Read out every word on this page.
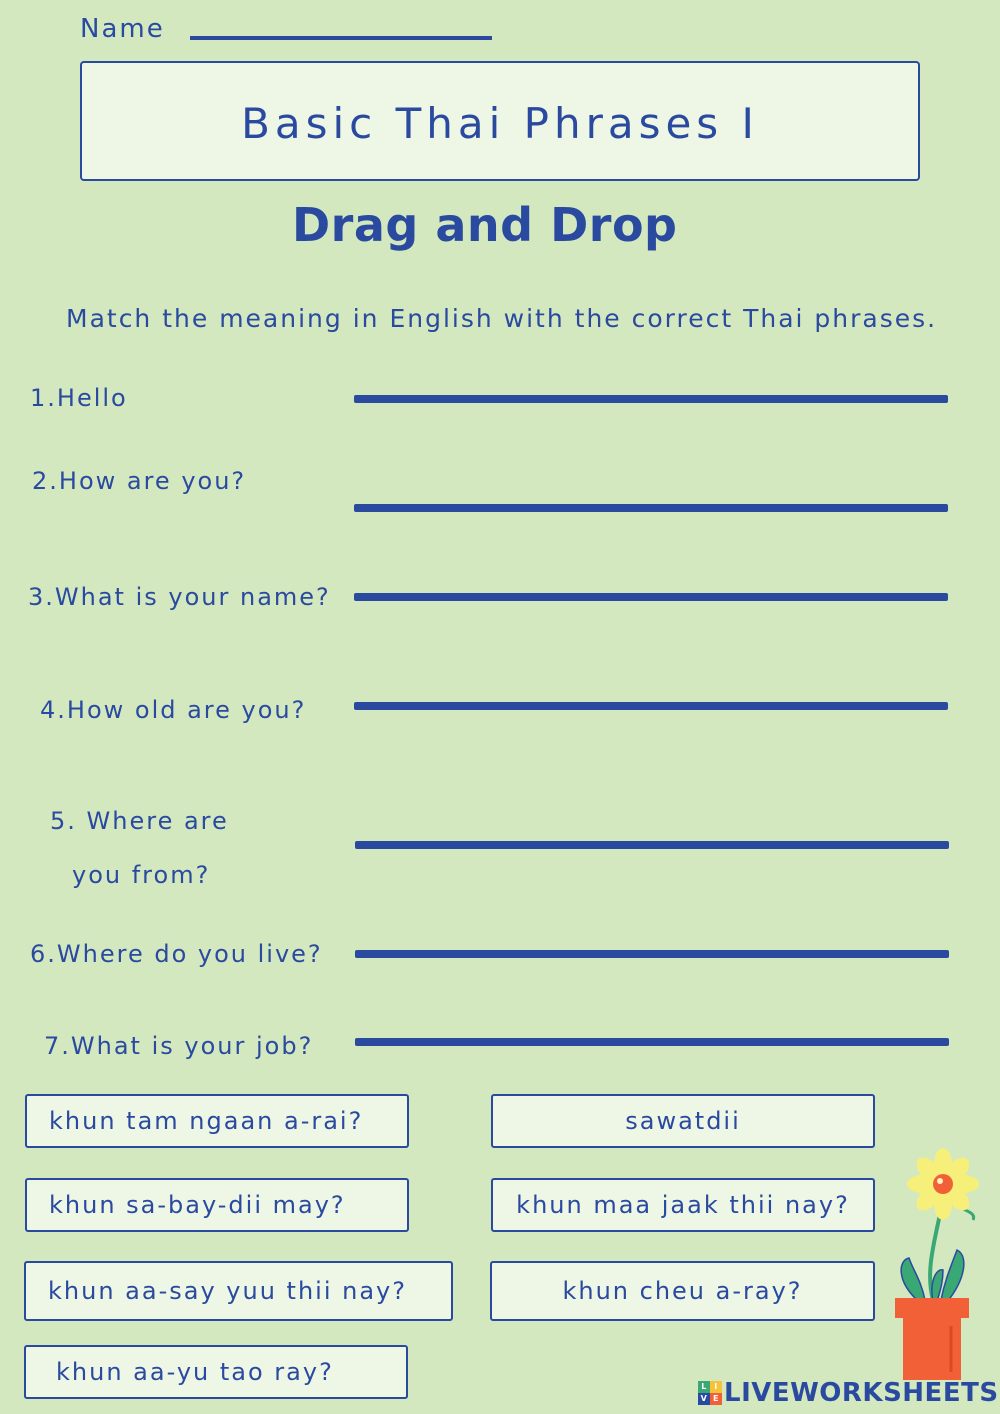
Name
Basic Thai Phrases I
Drag and Drop
Match the meaning in English with the correct Thai phrases.
1.Hello
2.How are you?
3.What is your name?
4.How old are you?
5. Where are
you from?
6.Where do you live?
7.What is your job?
khun tam ngaan a-rai?	sawatdii
khun sa-bay-dii may?	khun maa jaak thii nay?
khun aa-say yuu thii nay?	khun cheu a-ray?
khun aa-yu tao ray?
L I
V E LIVEWORKSHEETS
